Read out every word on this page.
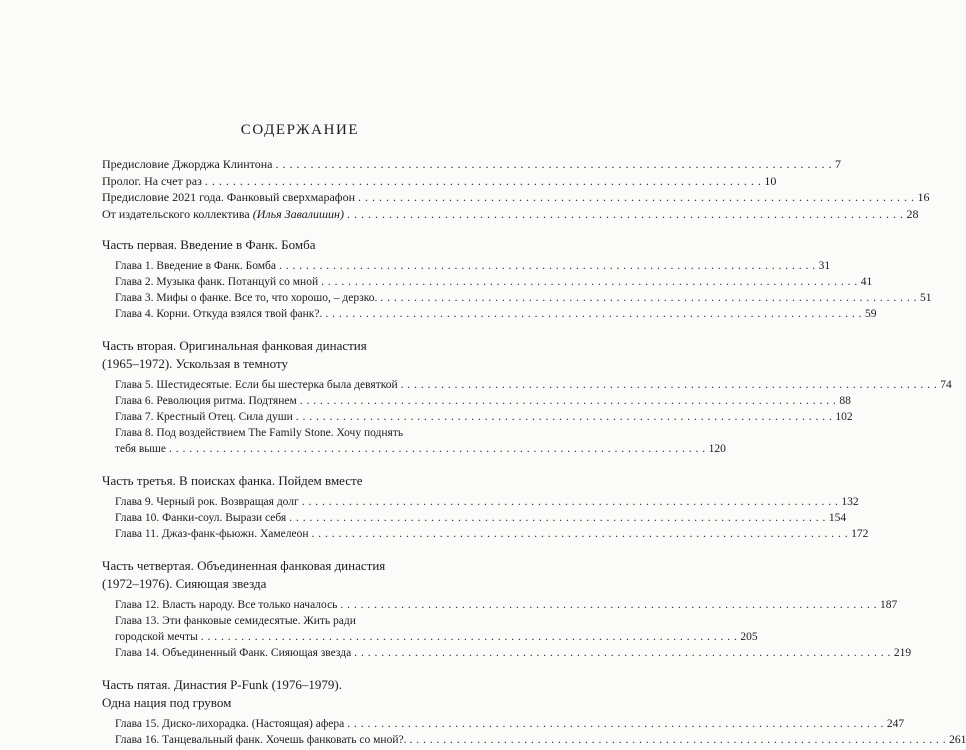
СОДЕРЖАНИЕ
Предисловие Джорджа Клинтона . . .	7
Пролог. На счет раз . . .	10
Предисловие 2021 года. Фанковый сверхмарафон . . .	16
От издательского коллектива (Илья Завалишин) . . .	28
Часть первая. Введение в Фанк. Бомба
Глава 1. Введение в Фанк. Бомба . . .	31
Глава 2. Музыка фанк. Потанцуй со мной . . .	41
Глава 3. Мифы о фанке. Все то, что хорошо, – дерзко. . . .	51
Глава 4. Корни. Откуда взялся твой фанк?. . . .	59
Часть вторая. Оригинальная фанковая династия
(1965–1972). Ускользая в темноту
Глава 5. Шестидесятые. Если бы шестерка была девяткой . . .	74
Глава 6. Революция ритма. Подтянем . . .	88
Глава 7. Крестный Отец. Сила души . . .	102
Глава 8. Под воздействием The Family Stone. Хочу поднять
тебя выше . . .	120
Часть третья. В поисках фанка. Пойдем вместе
Глава 9. Черный рок. Возвращая долг . . .	132
Глава 10. Фанки-соул. Вырази себя . . .	154
Глава 11. Джаз-фанк-фьюжн. Хамелеон . . .	172
Часть четвертая. Объединенная фанковая династия
(1972–1976). Сияющая звезда
Глава 12. Власть народу. Все только началось . . .	187
Глава 13. Эти фанковые семидесятые. Жить ради
городской мечты . . .	205
Глава 14. Объединенный Фанк. Сияющая звезда . . .	219
Часть пятая. Династия P-Funk (1976–1979).
Одна нация под грувом
Глава 15. Диско-лихорадка. (Настоящая) афера . . .	247
Глава 16. Танцевальный фанк. Хочешь фанковать со мной?. . . .	261
